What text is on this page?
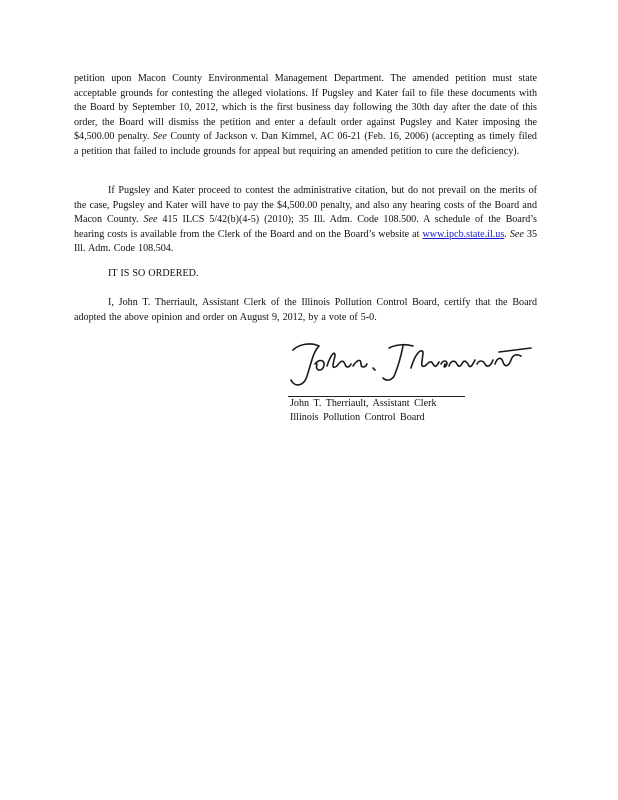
petition upon Macon County Environmental Management Department. The amended petition must state acceptable grounds for contesting the alleged violations. If Pugsley and Kater fail to file these documents with the Board by September 10, 2012, which is the first business day following the 30th day after the date of this order, the Board will dismiss the petition and enter a default order against Pugsley and Kater imposing the $4,500.00 penalty. See County of Jackson v. Dan Kimmel, AC 06-21 (Feb. 16, 2006) (accepting as timely filed a petition that failed to include grounds for appeal but requiring an amended petition to cure the deficiency).

If Pugsley and Kater proceed to contest the administrative citation, but do not prevail on the merits of the case, Pugsley and Kater will have to pay the $4,500.00 penalty, and also any hearing costs of the Board and Macon County. See 415 ILCS 5/42(b)(4-5) (2010); 35 Ill. Adm. Code 108.500. A schedule of the Board’s hearing costs is available from the Clerk of the Board and on the Board’s website at www.ipcb.state.il.us. See 35 Ill. Adm. Code 108.504.

IT IS SO ORDERED.

I, John T. Therriault, Assistant Clerk of the Illinois Pollution Control Board, certify that the Board adopted the above opinion and order on August 9, 2012, by a vote of 5-0.

John T. Therriault, Assistant Clerk
Illinois Pollution Control Board
